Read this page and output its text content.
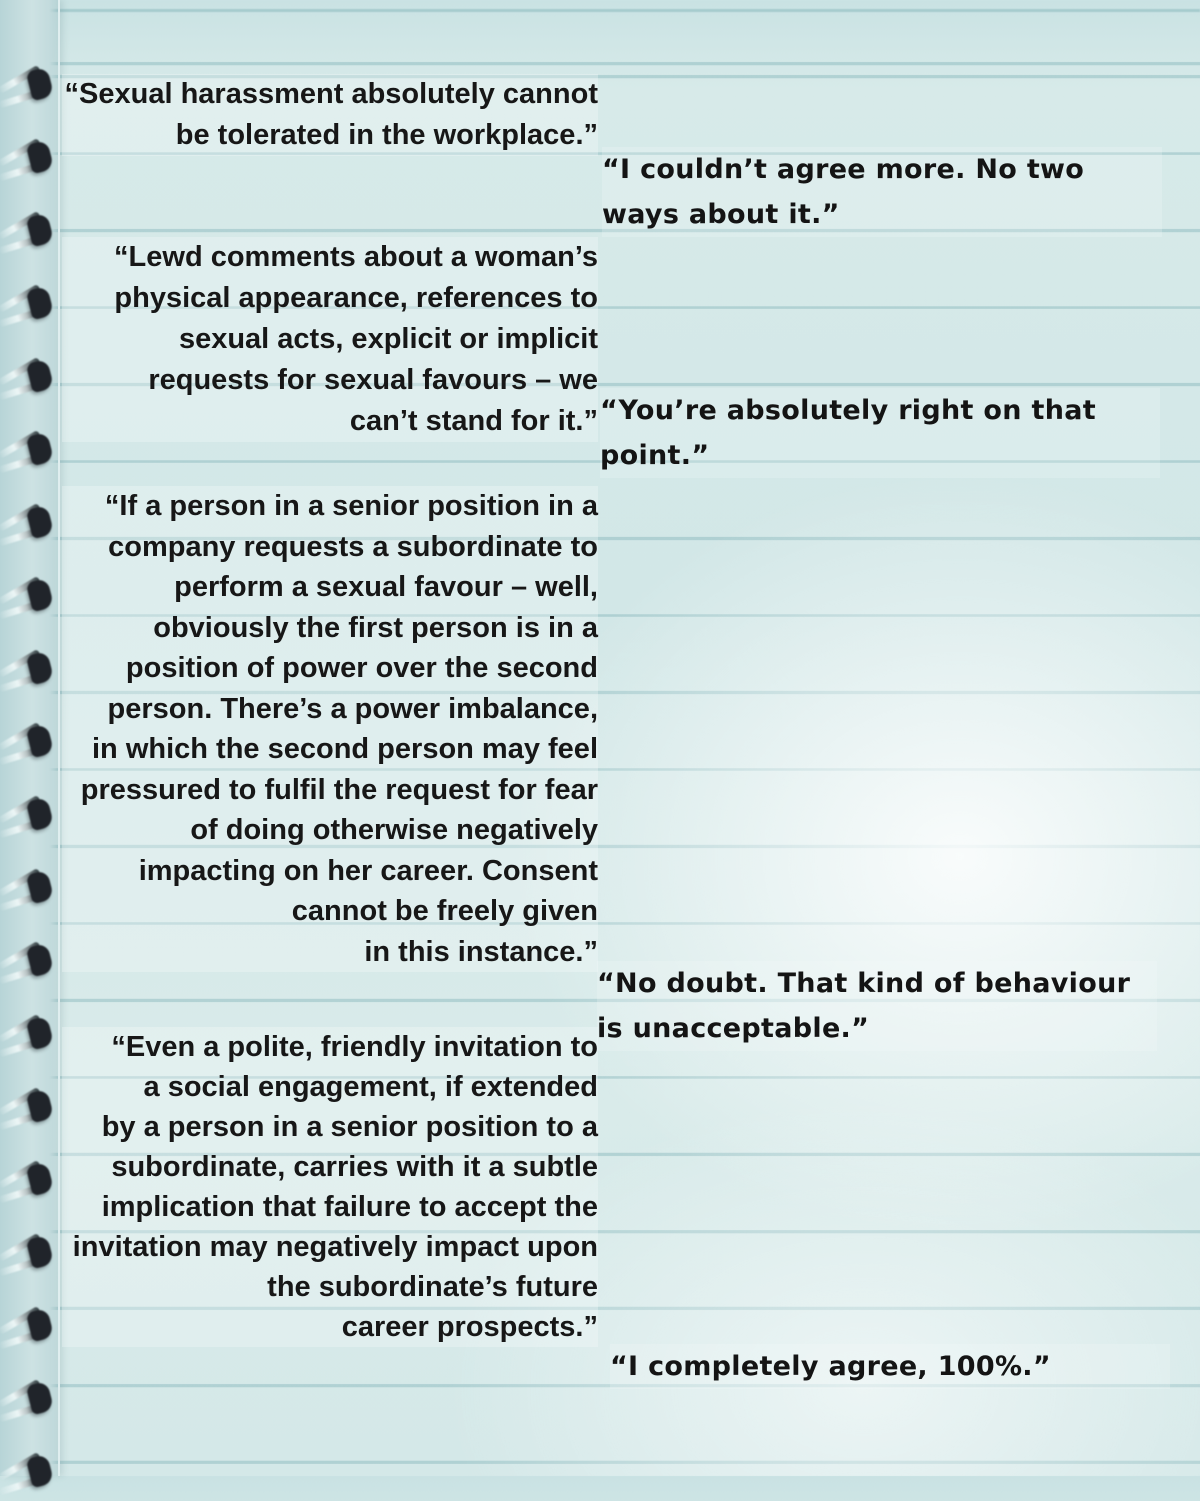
“Sexual harassment absolutely cannot
be tolerated in the workplace.”
“I couldn’t agree more. No two
ways about it.”
“Lewd comments about a woman’s
physical appearance, references to
sexual acts, explicit or implicit
requests for sexual favours – we
can’t stand for it.” “You’re absolutely right on that
point.”
“If a person in a senior position in a
company requests a subordinate to
perform a sexual favour – well,
obviously the first person is in a
position of power over the second
person. There’s a power imbalance,
in which the second person may feel
pressured to fulfil the request for fear
of doing otherwise negatively
impacting on her career. Consent
cannot be freely given
in this instance.”
“No doubt. That kind of behaviour
is unacceptable.”
“Even a polite, friendly invitation to
a social engagement, if extended
by a person in a senior position to a
subordinate, carries with it a subtle
implication that failure to accept the
invitation may negatively impact upon
the subordinate’s future
career prospects.”
“I completely agree, 100%.”
